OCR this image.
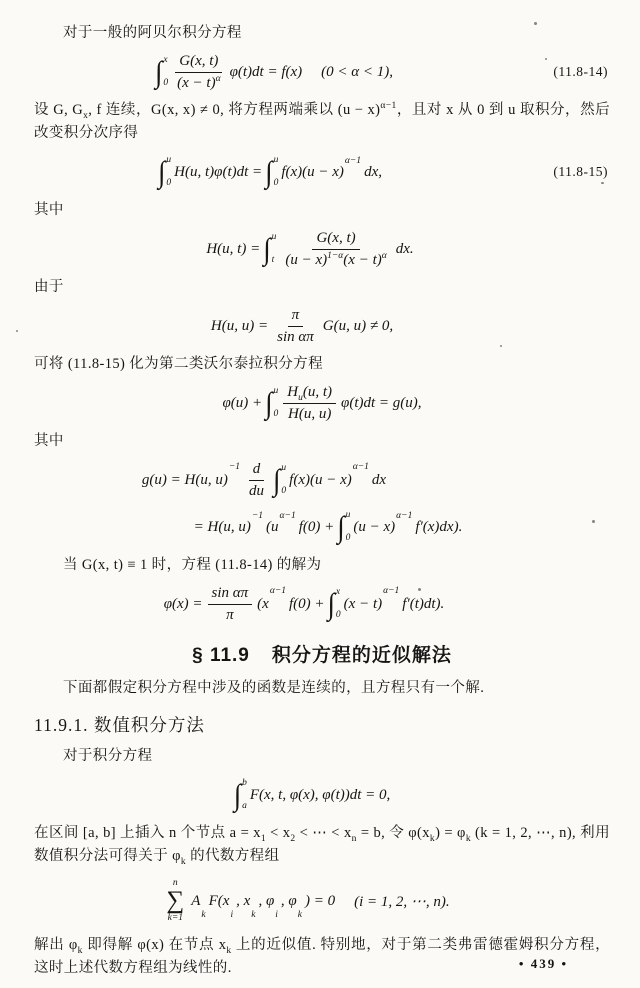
对于一般的阿贝尔积分方程

∫ x
$0 \frac{G(x, t)}{(x - t)^\alpha} \varphi(t)dt = f(x) (0 < \alpha < 1)$,	(11.8-14)

设 G, $G_x$, f 连续，G(x, x) ≠ 0, 将方程两端乘以 $(u - x)^{\alpha-1}$，且对 x 从 0 到 u 取积分，然后改变积分次序得

∫ u
0
H(u, t)φ(t)dt = ∫ u
0
f(x)(u − x)
α−1
dx,	(11.8-15)

其中

H(u, t) = ∫ u
t $\frac{G(x, t)}{(u - x)^{1-\alpha}(x - t)^\alpha}$ dx.

由于

H(u, $u) = \frac{\pi}{\text{sin απ}} G(u$, u) ≠ 0,

可将 (11.8-15) 化为第二类沃尔泰拉积分方程

φ(u) + ∫ u
$0 \frac{H_u(u, t)}{H(u, u)} \varphi(t)dt = g(u)$,

其中

g(u) = H(u, u)
$-1 \frac{d}{du}$ ∫ u
0
f(x)(u − x)
α−1
dx
= H(u, u)
−1
(u
α−1
f(0) + ∫ u
0
(u − x)
α−1
f′(x)dx).

当 G(x, t) ≡ 1 时，方程 (11.8-14) 的解为

$\varphi(x) = \frac{\text{sin απ}}{\pi} (x$
α−1
f(0) + ∫ x
0
(x − t)
α−1
f′(t)dt).
§ 11.9 积分方程的近似解法

下面都假定积分方程中涉及的函数是连续的，且方程只有一个解.

11.9.1. 数值积分方法

对于积分方程

∫ b
a
F(x, t, φ(x), φ(t))dt = 0,

在区间 [a, b] 上插入 n 个节点 $a = x_1 < x_2$ < ⋯ < $x_n = b$, 令 $\varphi(x_k) = \varphi_k$ (k = 1, 2, ⋯, n), 利用数值积分法可得关于 $\varphi_k$ 的代数方程组

n
∑
k=1
A
k
F(x
i
, x
k
, φ
i
, φ
k
) = 0 (i = 1, 2, ⋯, n).

解出 $\varphi_k$ 即得解 φ(x) 在节点 $x_k$ 上的近似值. 特别地，对于第二类弗雷德霍姆积分方程，这时上述代数方程组为线性的.	• 439 •
